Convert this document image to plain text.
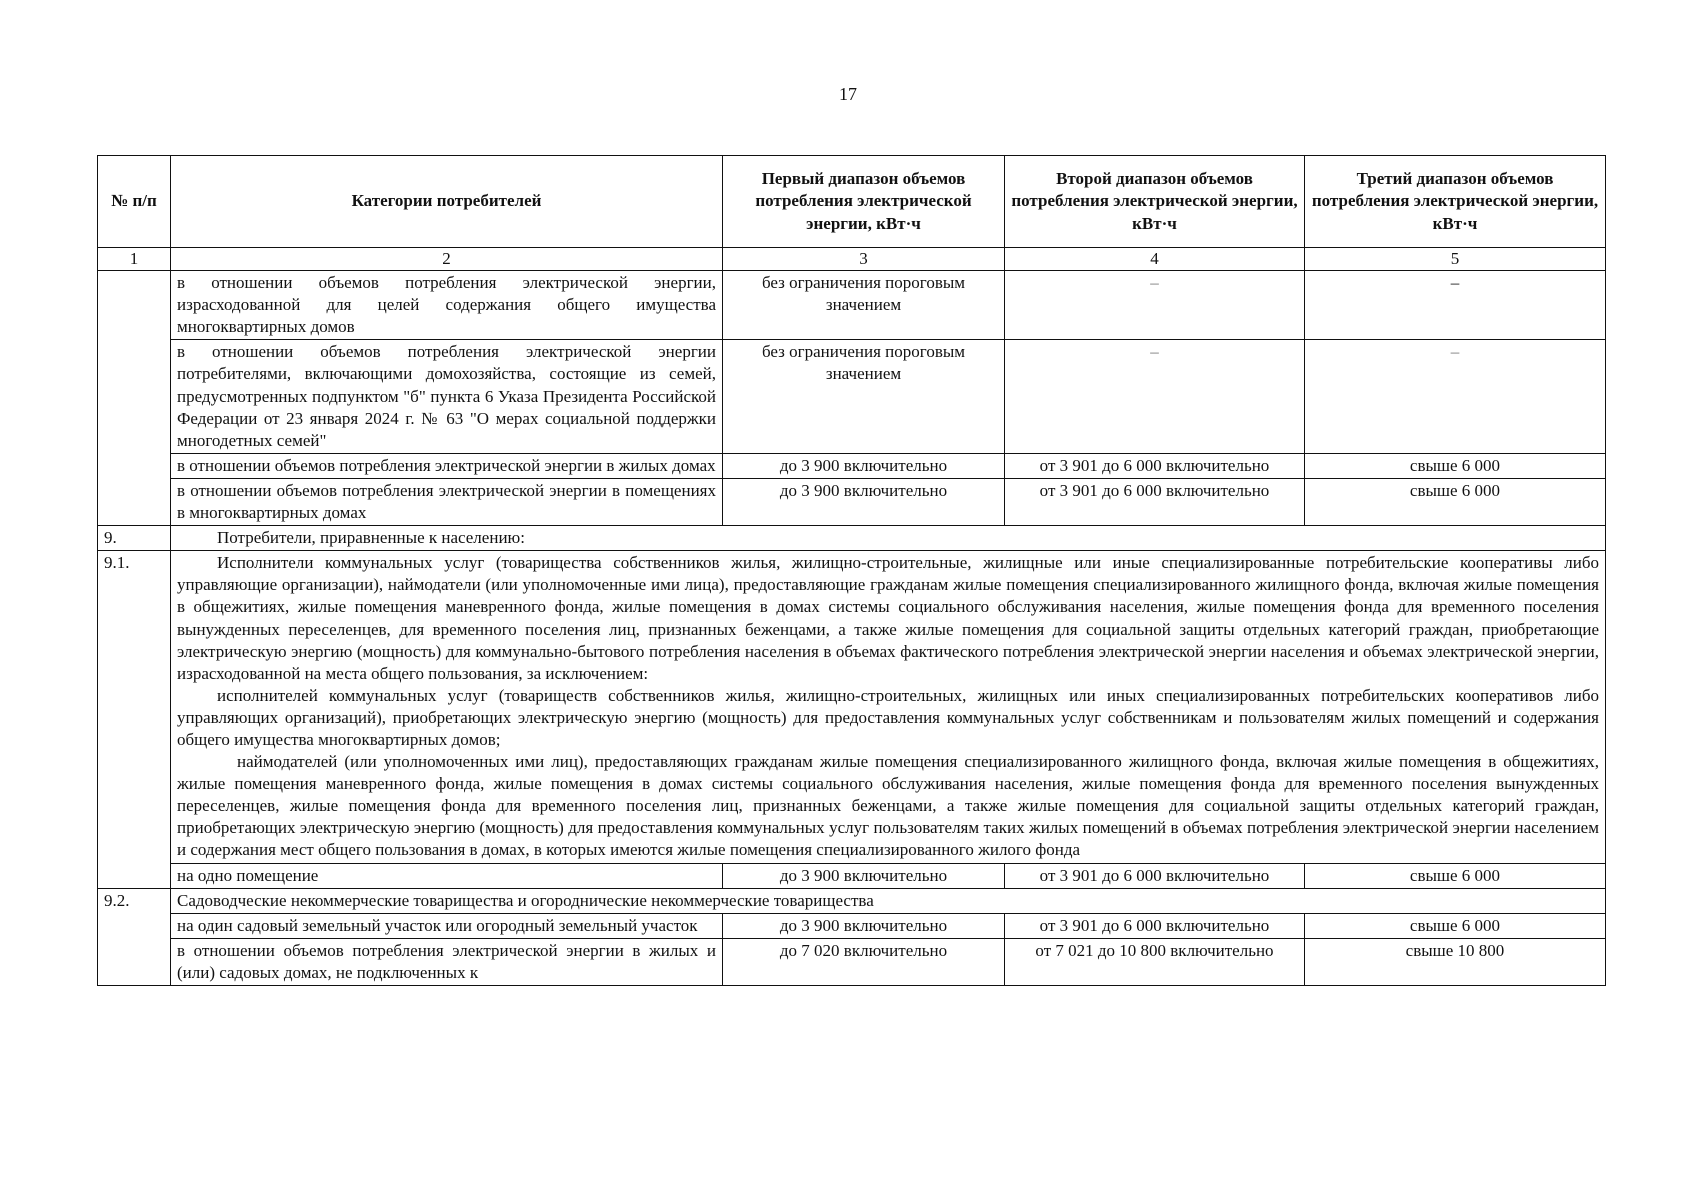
17
№ п/п	Категории потребителей	Первый диапазон объемов потребления электрической энергии, кВт·ч	Второй диапазон объемов потребления электрической энергии, кВт·ч	Третий диапазон объемов потребления электрической энергии, кВт·ч
1	2	3	4	5
	в отношении объемов потребления электрической энергии, израсходованной для целей содержания общего имущества многоквартирных домов	без ограничения пороговым значением	–	–
	в отношении объемов потребления электрической энергии потребителями, включающими домохозяйства, состоящие из семей, предусмотренных подпунктом "б" пункта 6 Указа Президента Российской Федерации от 23 января 2024 г. № 63 "О мерах социальной поддержки многодетных семей"	без ограничения пороговым значением	–	–
	в отношении объемов потребления электрической энергии в жилых домах	до 3 900 включительно	от 3 901 до 6 000 включительно	свыше 6 000
	в отношении объемов потребления электрической энергии в помещениях в многоквартирных домах	до 3 900 включительно	от 3 901 до 6 000 включительно	свыше 6 000
9.	Потребители, приравненные к населению:			
9.1.	Исполнители коммунальных услуг (товарищества собственников жилья, жилищно-строительные, жилищные или иные специализированные потребительские кооперативы либо управляющие организации), наймодатели (или уполномоченные ими лица), предоставляющие гражданам жилые помещения специализированного жилищного фонда, включая жилые помещения в общежитиях, жилые помещения маневренного фонда, жилые помещения в домах системы социального обслуживания населения, жилые помещения фонда для временного поселения вынужденных переселенцев, для временного поселения лиц, признанных беженцами, а также жилые помещения для социальной защиты отдельных категорий граждан, приобретающие электрическую энергию (мощность) для коммунально-бытового потребления населения в объемах фактического потребления электрической энергии населения и объемах электрической энергии, израсходованной на места общего пользования, за исключением:

исполнителей коммунальных услуг (товариществ собственников жилья, жилищно-строительных, жилищных или иных специализированных потребительских кооперативов либо управляющих организаций), приобретающих электрическую энергию (мощность) для предоставления коммунальных услуг собственникам и пользователям жилых помещений и содержания общего имущества многоквартирных домов;

наймодателей (или уполномоченных ими лиц), предоставляющих гражданам жилые помещения специализированного жилищного фонда, включая жилые помещения в общежитиях, жилые помещения маневренного фонда, жилые помещения в домах системы социального обслуживания населения, жилые помещения фонда для временного поселения вынужденных переселенцев, жилые помещения фонда для временного поселения лиц, признанных беженцами, а также жилые помещения для социальной защиты отдельных категорий граждан, приобретающих электрическую энергию (мощность) для предоставления коммунальных услуг пользователям таких жилых помещений в объемах потребления электрической энергии населением и содержания мест общего пользования в домах, в которых имеются жилые помещения специализированного жилого фонда			

	на одно помещение	до 3 900 включительно	от 3 901 до 6 000 включительно	свыше 6 000
9.2.	Садоводческие некоммерческие товарищества и огороднические некоммерческие товарищества			
	на один садовый земельный участок или огородный земельный участок	до 3 900 включительно	от 3 901 до 6 000 включительно	свыше 6 000
	в отношении объемов потребления электрической энергии в жилых и (или) садовых домах, не подключенных к	до 7 020 включительно	от 7 021 до 10 800 включительно	свыше 10 800
